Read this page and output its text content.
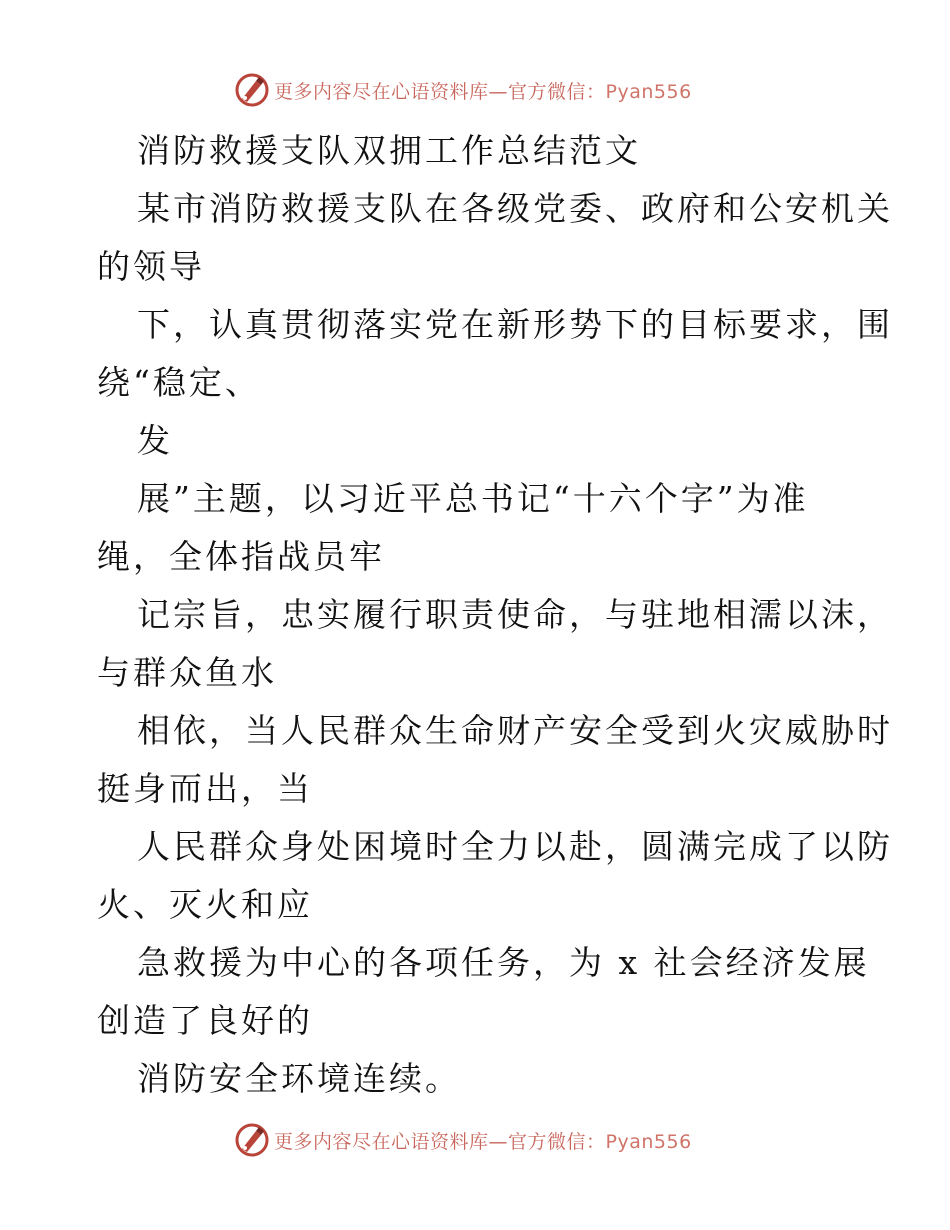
更多内容尽在心语资料库—官方微信：Pyan556
消防救援支队双拥工作总结范文
某市消防救援支队在各级党委、政府和公安机关
的领导
下，认真贯彻落实党在新形势下的目标要求，围
绕“稳定、
发
展”主题，以习近平总书记“十六个字”为准
绳，全体指战员牢
记宗旨，忠实履行职责使命，与驻地相濡以沫，
与群众鱼水
相依，当人民群众生命财产安全受到火灾威胁时
挺身而出，当
人民群众身处困境时全力以赴，圆满完成了以防
火、灭火和应
急救援为中心的各项任务，为 x 社会经济发展
创造了良好的
消防安全环境连续。
更多内容尽在心语资料库—官方微信：Pyan556
